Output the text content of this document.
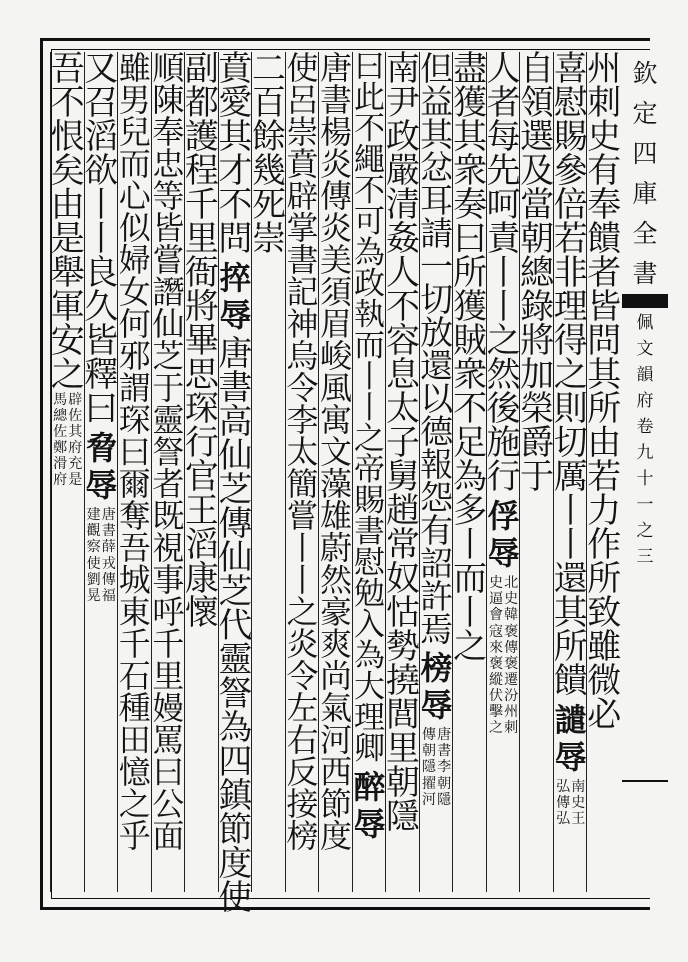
欽
定
四
庫
全
書
佩
文
韻
府
卷
九
十
一
之
三
州
刺
史
有
奉
饋
者
皆
問
其
所
由
若
力
作
所
致
雖
微
必
喜
慰
賜
參
倍
若
非
理
得
之
則
切
厲
丨
丨
還
其
所
饋
譴
辱
南
史
王
弘
傳
弘
自
領
選
及
當
朝
總
錄
將
加
榮
爵
于
人
者
每
先
呵
責
丨
丨
之
然
後
施
行
俘
辱
北
史
韓
褒
傳
褒
遷
汾
州
刺
史
逼
會
寇
來
褒
縱
伏
擊
之
盡
獲
其
衆
奏
曰
所
獲
賊
衆
不
足
為
多
丨
而
丨
之
但
益
其
忿
耳
請
一
切
放
還
以
德
報
怨
有
詔
許
焉
榜
辱
唐
書
李
朝
隱
傳
朝
隱
擢
河
南
尹
政
嚴
清
姦
人
不
容
息
太
子
舅
趙
常
奴
怙
勢
撓
閭
里
朝
隱
曰
此
不
繩
不
可
為
政
執
而
丨
丨
之
帝
賜
書
慰
勉
入
為
大
理
卿
醉
辱
唐
書
楊
炎
傳
炎
美
須
眉
峻
風
寓
文
藻
雄
蔚
然
豪
爽
尚
氣
河
西
節
度
使
呂
崇
賁
辟
掌
書
記
神
烏
令
李
太
簡
嘗
丨
丨
之
炎
令
左
右
反
接
榜
二
百
餘
幾
死
崇
賁
愛
其
才
不
問
捽
辱
唐
書
高
仙
芝
傳
仙
芝
代
靈
詧
為
四
鎮
節
度
使
副
都
護
程
千
里
衙
將
畢
思
琛
行
官
王
滔
康
懷
順
陳
奉
忠
等
皆
嘗
譖
仙
芝
于
靈
詧
者
既
視
事
呼
千
里
嫚
罵
曰
公
面
雖
男
兒
而
心
似
婦
女
何
邪
謂
琛
曰
爾
奪
吾
城
東
千
石
種
田
憶
之
乎
又
召
滔
欲
丨
丨
良
久
皆
釋
曰
脅
辱
唐
書
薛
戎
傳
福
建
觀
察
使
劉
晃
吾
不
恨
矣
由
是
舉
軍
安
之
辟
佐
其
府
充
是
馬
總
佐
鄭
滑
府
